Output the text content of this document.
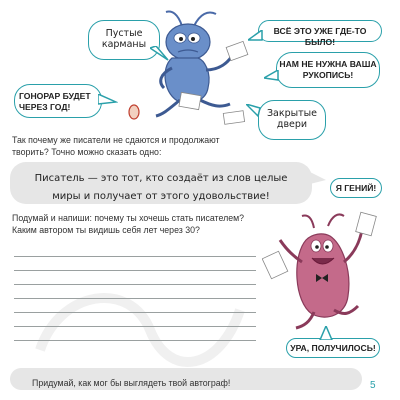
Пустые карманы
ВСЁ ЭТО УЖЕ ГДЕ-ТО БЫЛО!
НАМ НЕ НУЖНА ВАША РУКОПИСЬ!
ГОНОРАР БУДЕТ ЧЕРЕЗ ГОД!
Закрытые двери
Так почему же писатели не сдаются и продолжают творить? Точно можно сказать одно:
Писатель — это тот, кто создаёт из слов целые миры и получает от этого удовольствие!
Я ГЕНИЙ!
Подумай и напиши: почему ты хочешь стать писателем? Каким автором ты видишь себя лет через 30?
УРА, ПОЛУЧИЛОСЬ!
Придумай, как мог бы выглядеть твой автограф!	5
